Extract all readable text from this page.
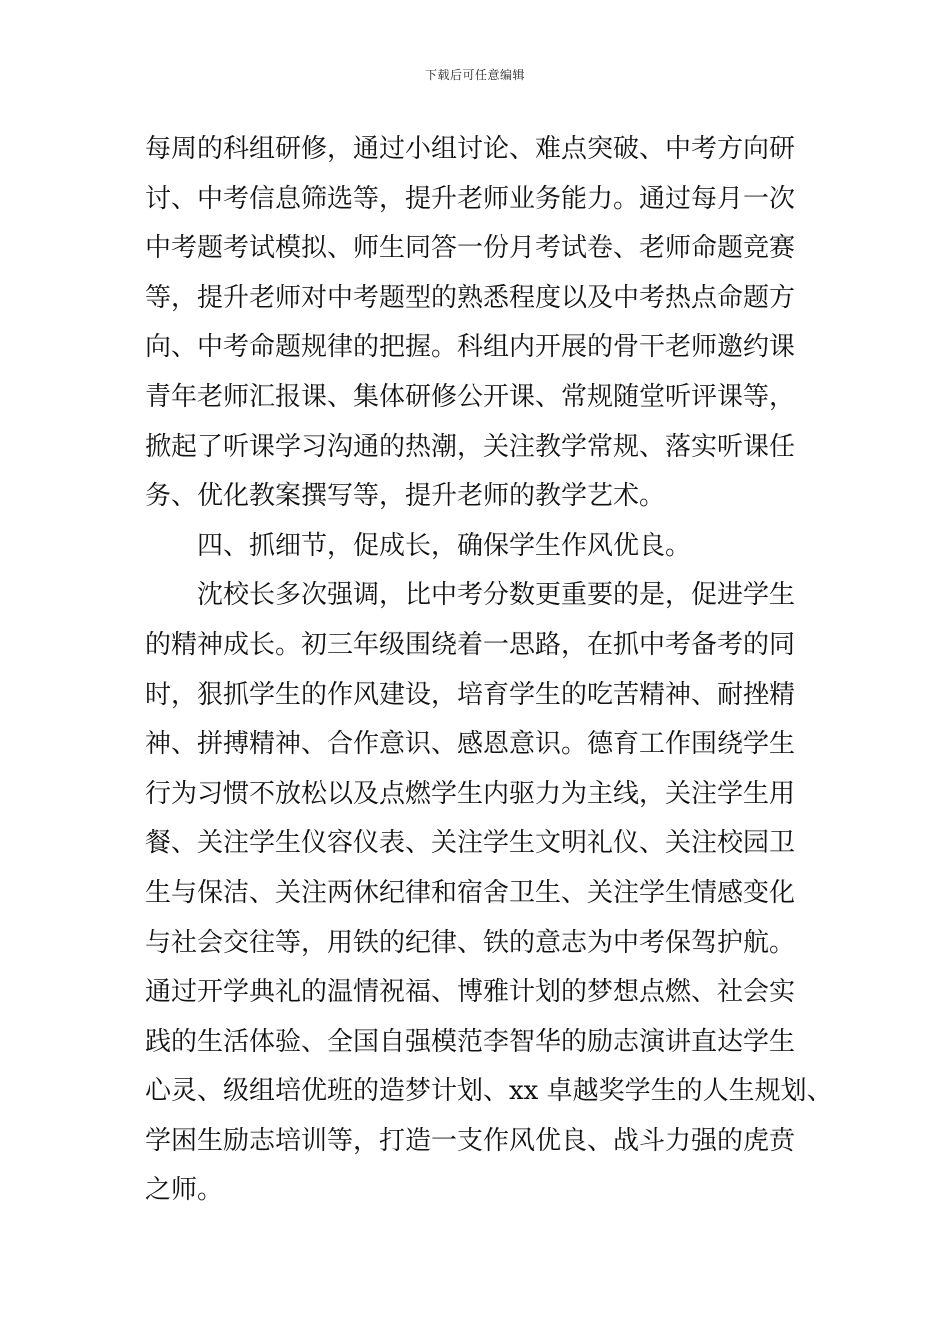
下载后可任意编辑
每周的科组研修，通过小组讨论、难点突破、中考方向研
讨、中考信息筛选等，提升老师业务能力。通过每月一次
中考题考试模拟、师生同答一份月考试卷、老师命题竞赛
等，提升老师对中考题型的熟悉程度以及中考热点命题方
向、中考命题规律的把握。科组内开展的骨干老师邀约课
青年老师汇报课、集体研修公开课、常规随堂听评课等，
掀起了听课学习沟通的热潮，关注教学常规、落实听课任
务、优化教案撰写等，提升老师的教学艺术。
四、抓细节，促成长，确保学生作风优良。
沈校长多次强调，比中考分数更重要的是，促进学生
的精神成长。初三年级围绕着一思路，在抓中考备考的同
时，狠抓学生的作风建设，培育学生的吃苦精神、耐挫精
神、拼搏精神、合作意识、感恩意识。德育工作围绕学生
行为习惯不放松以及点燃学生内驱力为主线，关注学生用
餐、关注学生仪容仪表、关注学生文明礼仪、关注校园卫
生与保洁、关注两休纪律和宿舍卫生、关注学生情感变化
与社会交往等，用铁的纪律、铁的意志为中考保驾护航。
通过开学典礼的温情祝福、博雅计划的梦想点燃、社会实
践的生活体验、全国自强模范李智华的励志演讲直达学生
心灵、级组培优班的造梦计划、xx 卓越奖学生的人生规划、
学困生励志培训等，打造一支作风优良、战斗力强的虎贲
之师。
